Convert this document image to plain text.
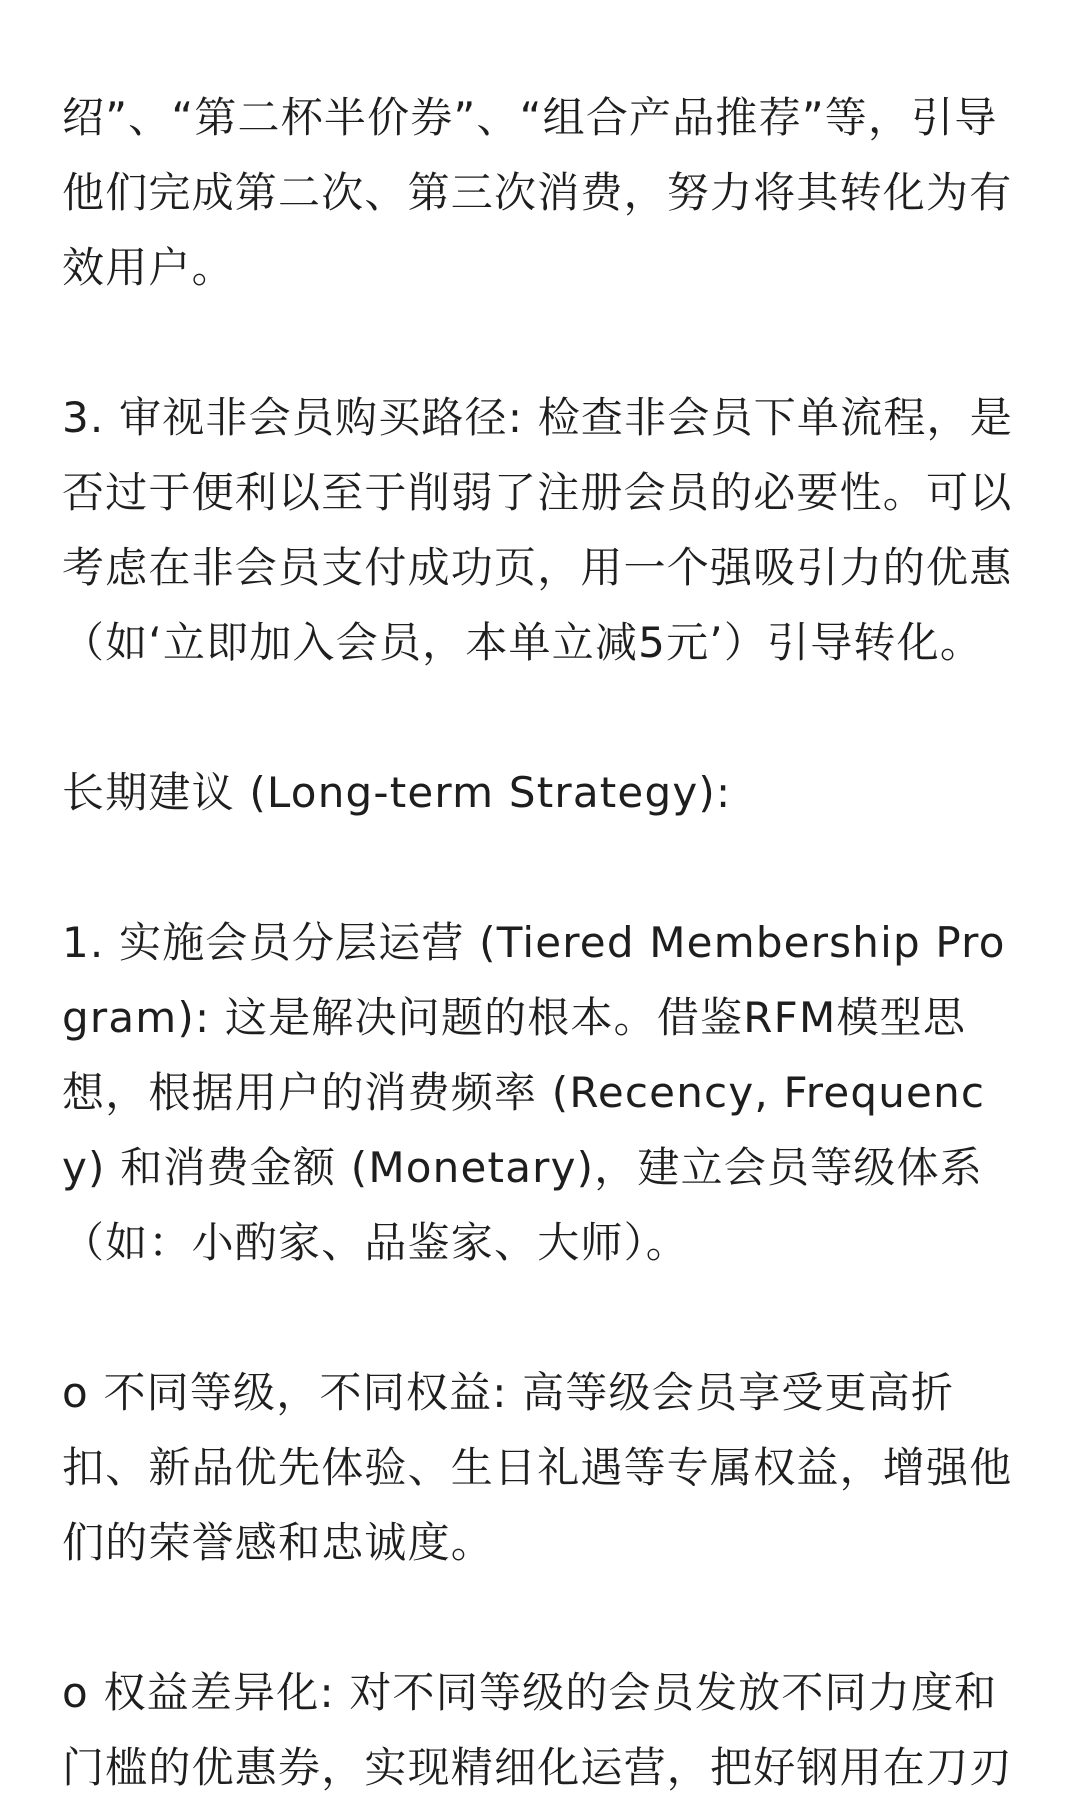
绍”、“第二杯半价券”、“组合产品推荐”等，引导他们完成第二次、第三次消费，努力将其转化为有效用户。

3. 审视非会员购买路径: 检查非会员下单流程，是否过于便利以至于削弱了注册会员的必要性。可以考虑在非会员支付成功页，用一个强吸引力的优惠（如‘立即加入会员，本单立减5元’）引导转化。

长期建议 (Long-term Strategy):

1. 实施会员分层运营 (Tiered Membership Program): 这是解决问题的根本。借鉴RFM模型思想，根据用户的消费频率 (Recency, Frequency) 和消费金额 (Monetary)，建立会员等级体系（如：小酌家、品鉴家、大师）。

o 不同等级，不同权益: 高等级会员享受更高折扣、新品优先体验、生日礼遇等专属权益，增强他们的荣誉感和忠诚度。

o 权益差异化: 对不同等级的会员发放不同力度和门槛的优惠券，实现精细化运营，把好钢用在刀刃
